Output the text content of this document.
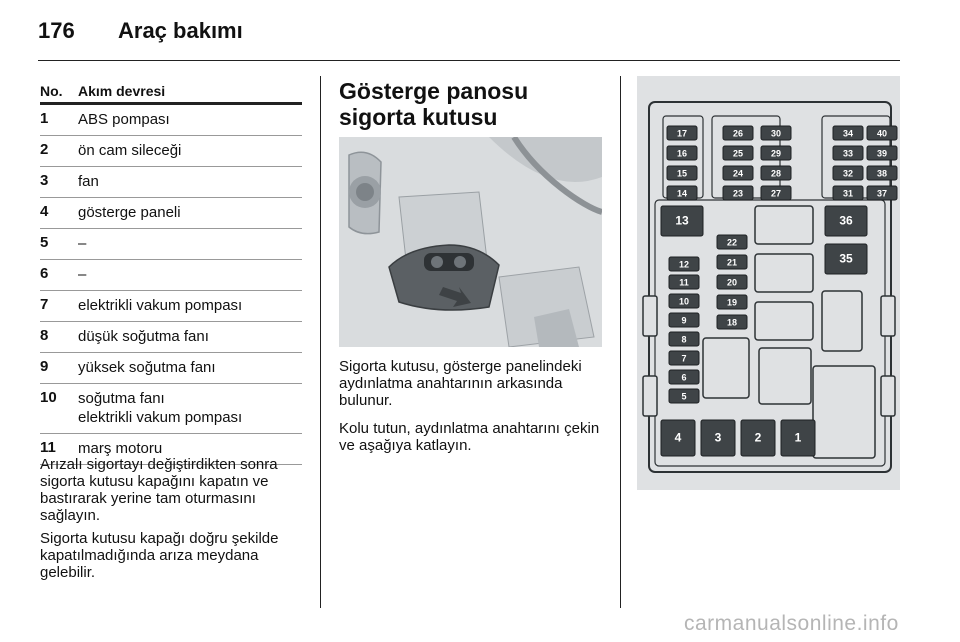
176 Araç bakımı
No.	Akım devresi
1	ABS pompası
2	ön cam sileceği
3	fan
4	gösterge paneli
5	–
6	–
7	elektrikli vakum pompası
8	düşük soğutma fanı
9	yüksek soğutma fanı
10	soğutma fanı
elektrikli vakum pompası
11	marş motoru
Arızalı sigortayı değiştirdikten sonra sigorta kutusu kapağını kapatın ve bastırarak yerine tam oturmasını sağlayın.
Sigorta kutusu kapağı doğru şekilde kapatılmadığında arıza meydana gelebilir.
Gösterge panosu sigorta kutusu
Sigorta kutusu, gösterge panelindeki aydınlatma anahtarının arkasında bulunur.
Kolu tutun, aydınlatma anahtarını çekin ve aşağıya katlayın.
17
16
15
14
26
25
24
23
30
29
28
27
34
33
32
31
40
39
38
37
13	36
35
22
21
20
19
18
12
11
10
9
8
7
6
5
4	3	2	1
carmanualsonline.info
